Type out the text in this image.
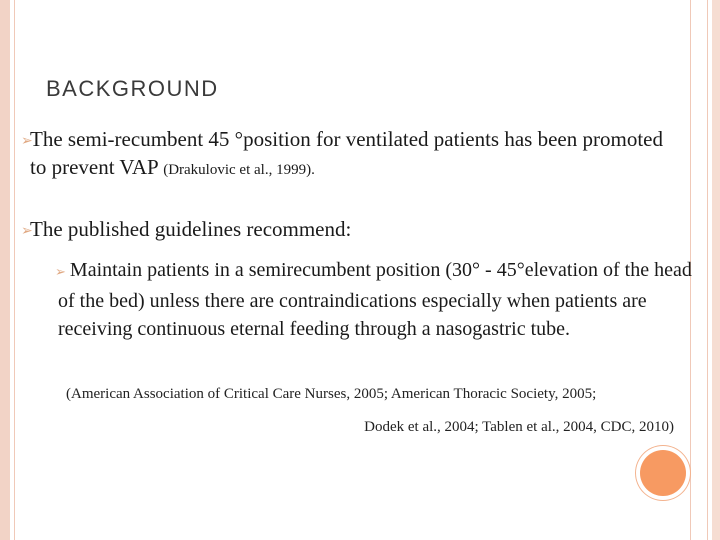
BACKGROUND
➢
The semi-recumbent 45 °position for ventilated patients has been promoted to prevent VAP (Drakulovic et al., 1999).
➢
The published guidelines recommend:
➢ Maintain patients in a semirecumbent position (30° - 45°elevation of the head of the bed) unless there are contraindications especially when patients are receiving continuous eternal feeding through a nasogastric tube.
(American Association of Critical Care Nurses, 2005; American Thoracic Society, 2005;
Dodek et al., 2004; Tablen et al., 2004, CDC, 2010)
